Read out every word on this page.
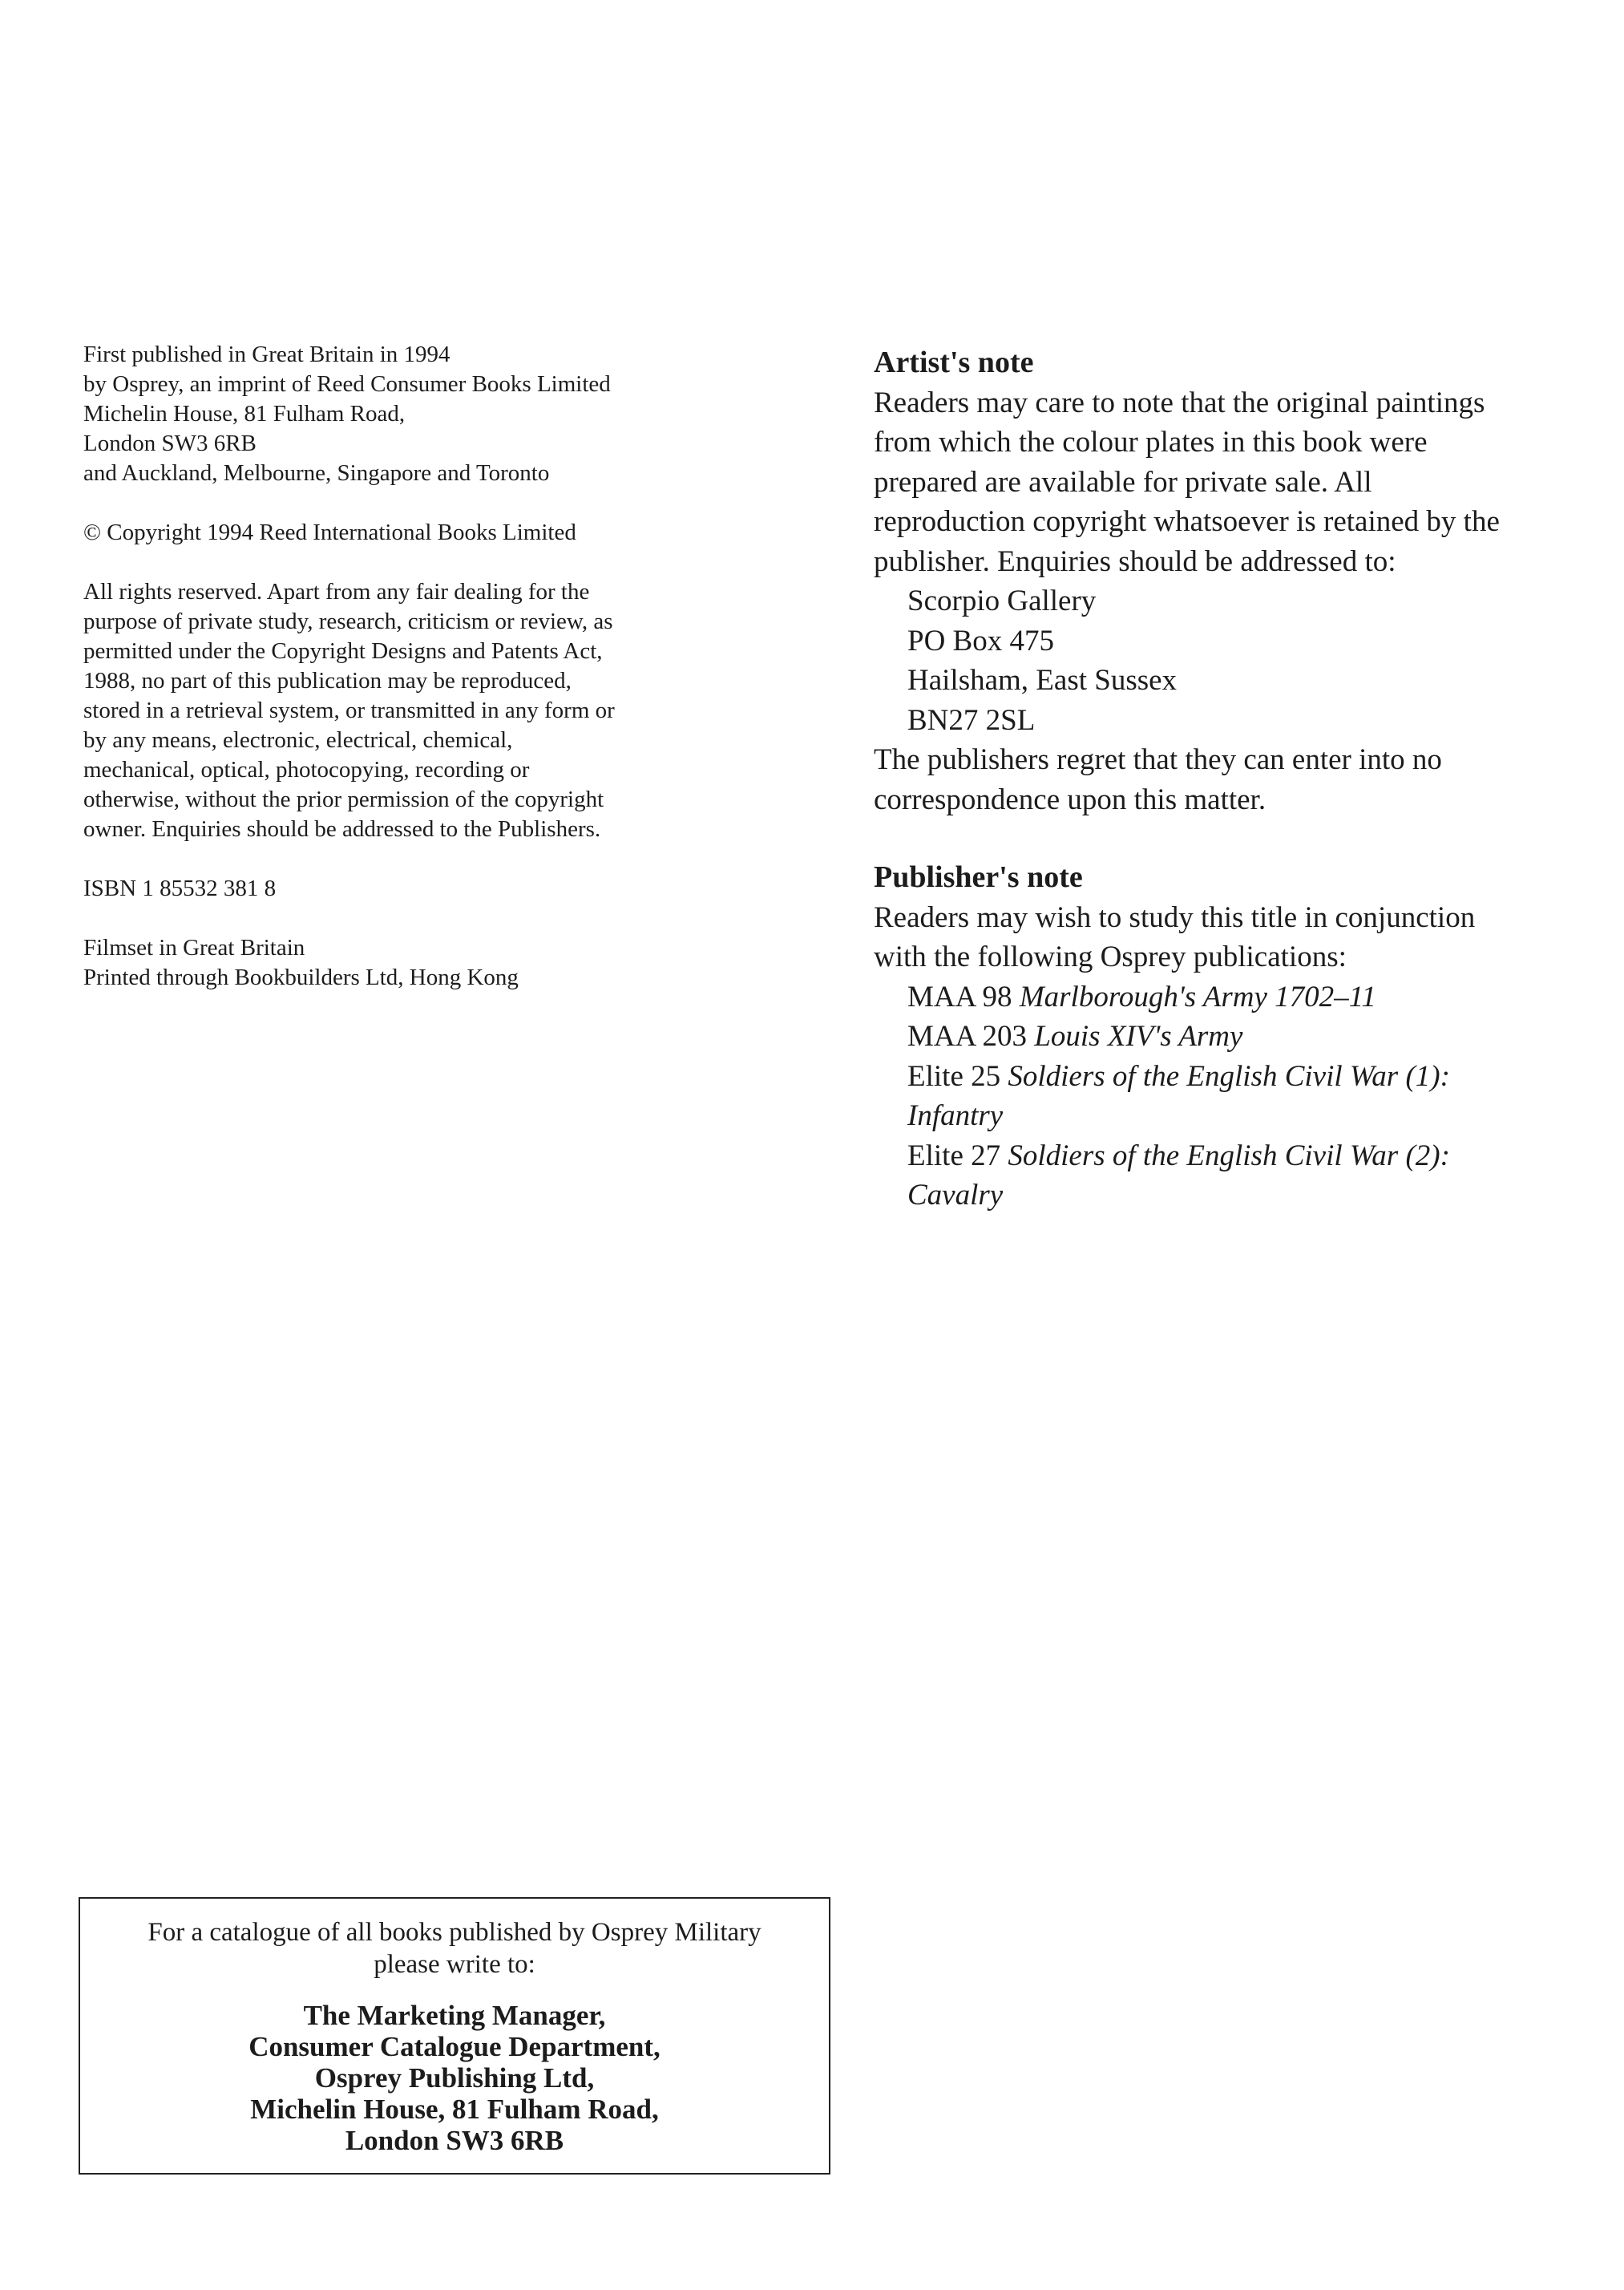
First published in Great Britain in 1994
by Osprey, an imprint of Reed Consumer Books Limited
Michelin House, 81 Fulham Road,
London SW3 6RB
and Auckland, Melbourne, Singapore and Toronto
© Copyright 1994 Reed International Books Limited
All rights reserved. Apart from any fair dealing for the
purpose of private study, research, criticism or review, as
permitted under the Copyright Designs and Patents Act,
1988, no part of this publication may be reproduced,
stored in a retrieval system, or transmitted in any form or
by any means, electronic, electrical, chemical,
mechanical, optical, photocopying, recording or
otherwise, without the prior permission of the copyright
owner. Enquiries should be addressed to the Publishers.
ISBN 1 85532 381 8
Filmset in Great Britain
Printed through Bookbuilders Ltd, Hong Kong
Artist's note
Readers may care to note that the original paintings
from which the colour plates in this book were
prepared are available for private sale. All
reproduction copyright whatsoever is retained by the
publisher. Enquiries should be addressed to:
Scorpio Gallery
PO Box 475
Hailsham, East Sussex
BN27 2SL
The publishers regret that they can enter into no
correspondence upon this matter.
Publisher's note
Readers may wish to study this title in conjunction
with the following Osprey publications:
MAA 98 Marlborough's Army 1702–11
MAA 203 Louis XIV's Army
Elite 25 Soldiers of the English Civil War (1):
Infantry
Elite 27 Soldiers of the English Civil War (2):
Cavalry
For a catalogue of all books published by Osprey Military
please write to:
The Marketing Manager,
Consumer Catalogue Department,
Osprey Publishing Ltd,
Michelin House, 81 Fulham Road,
London SW3 6RB
